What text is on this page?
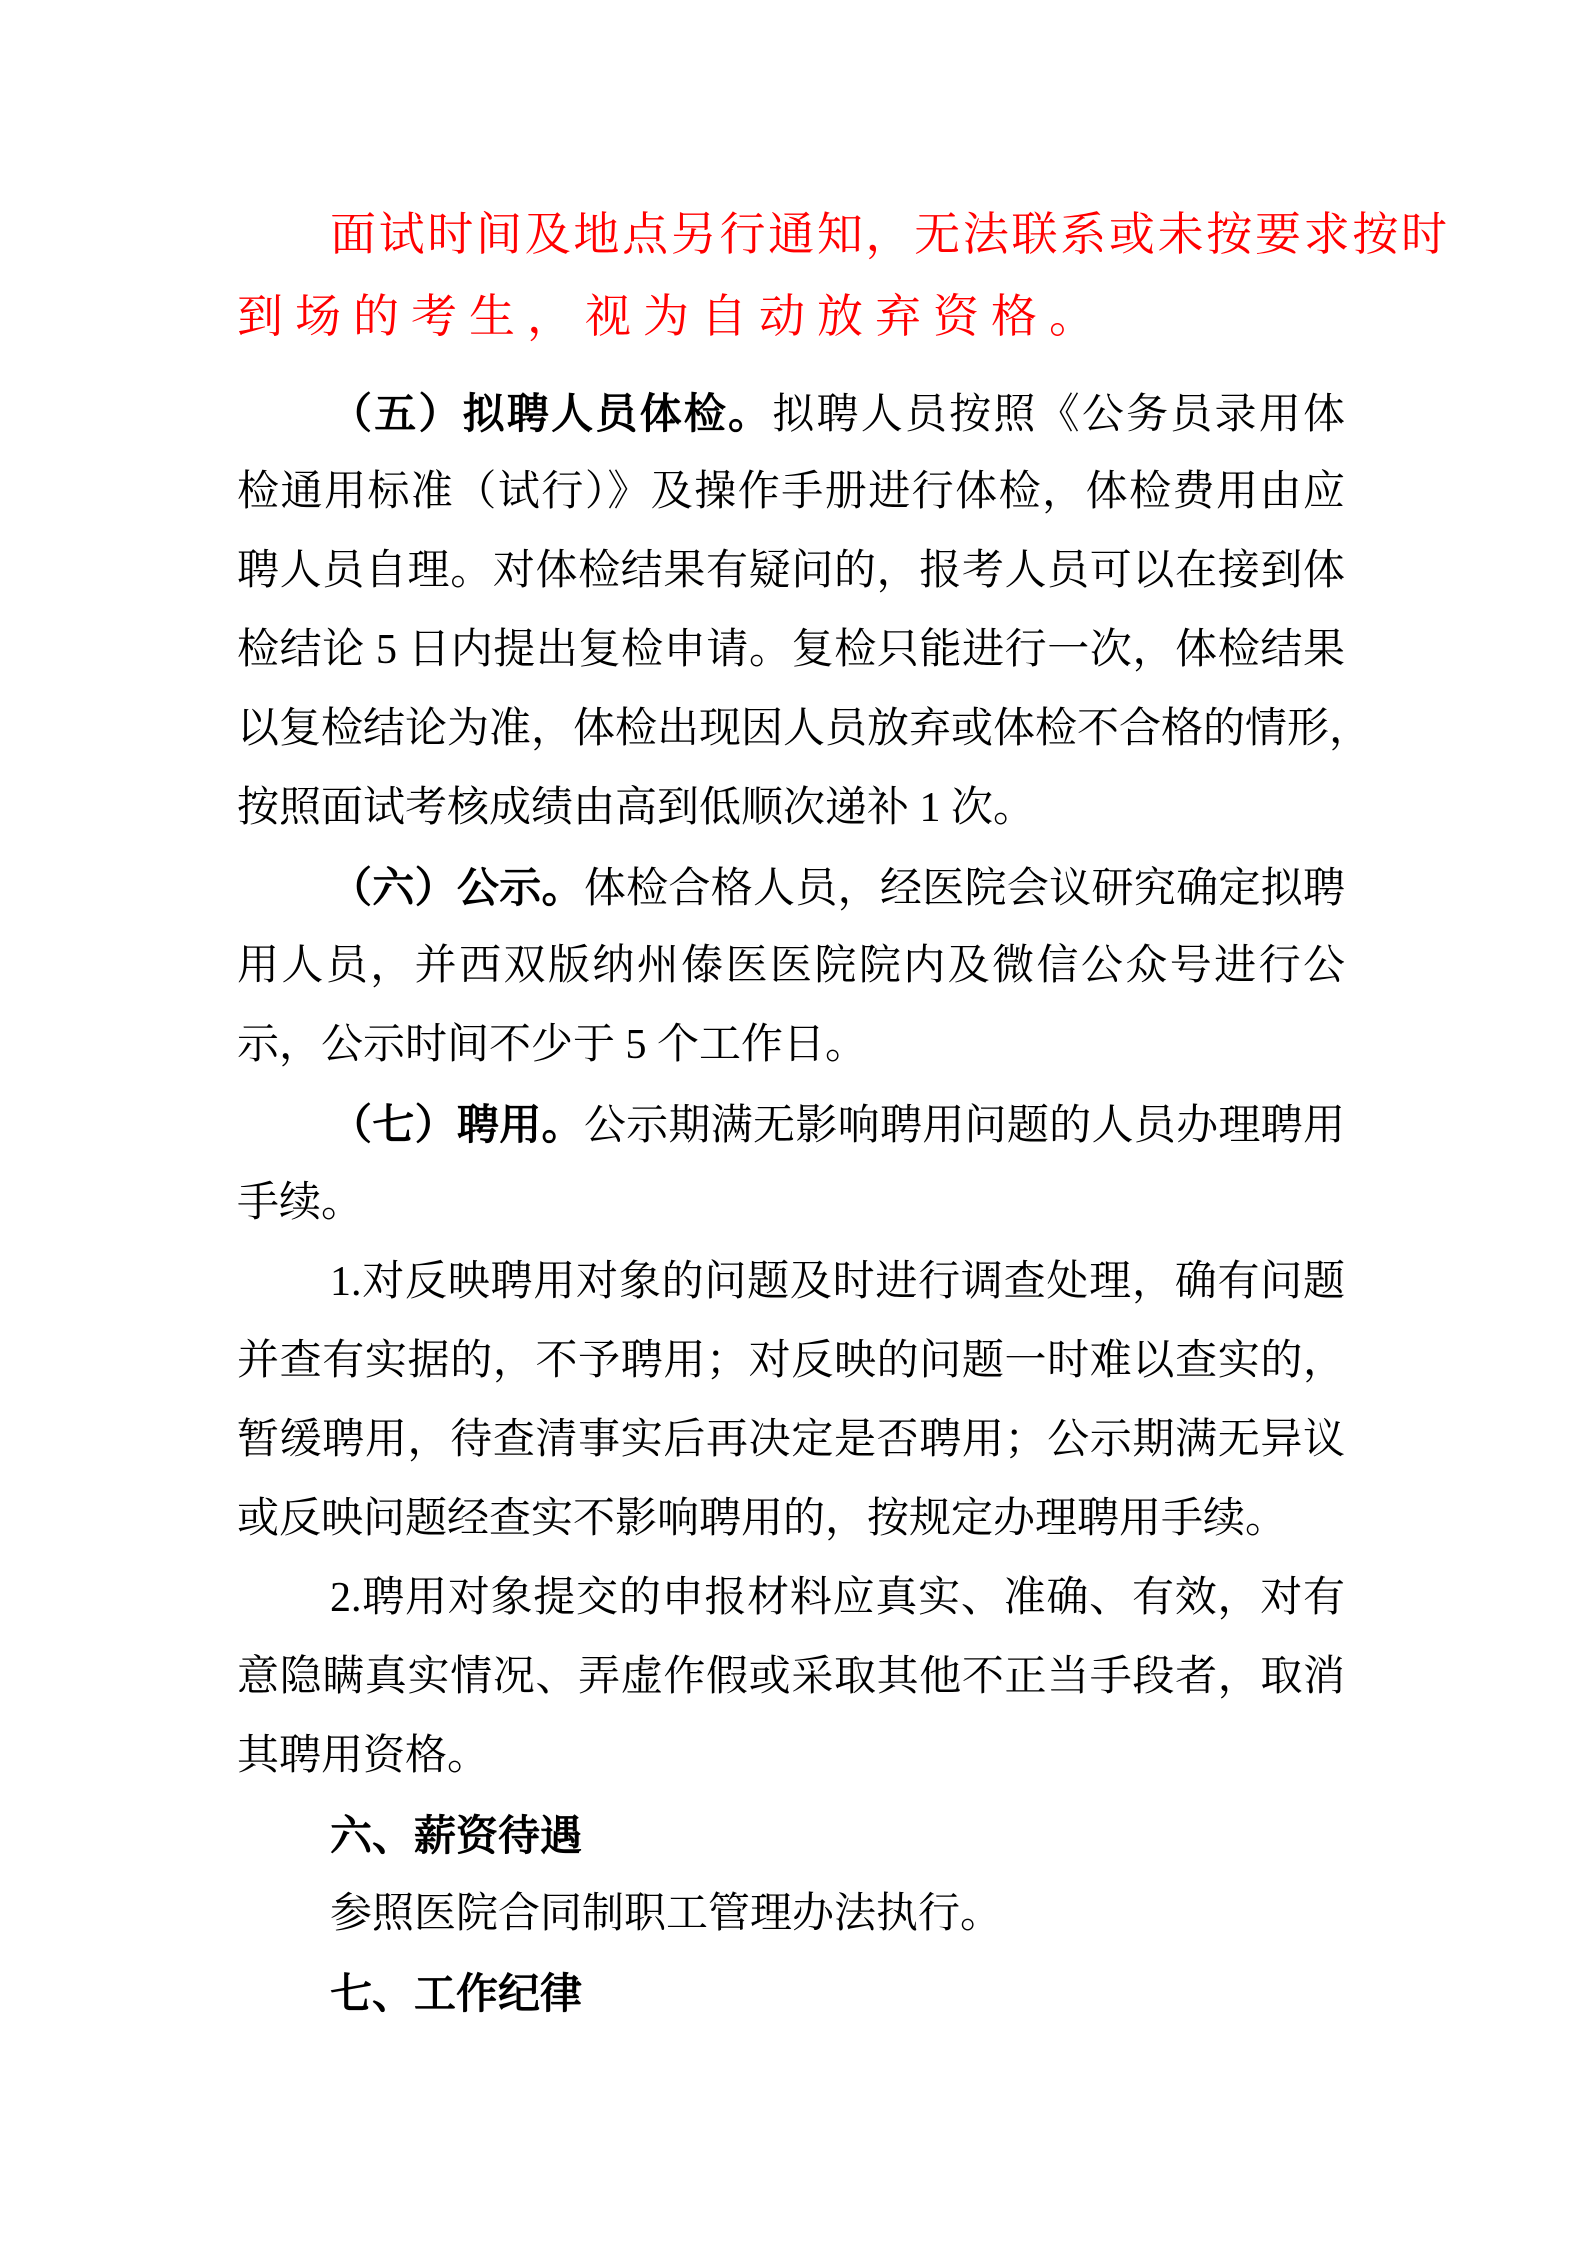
面试时间及地点另行通知，无法联系或未按要求按时
到场的考生，视为自动放弃资格。
（五）拟聘人员体检。拟聘人员按照《公务员录用体
检通用标准（试行）》及操作手册进行体检，体检费用由应
聘人员自理。对体检结果有疑问的，报考人员可以在接到体
检结论 5 日内提出复检申请。复检只能进行一次，体检结果
以复检结论为准，体检出现因人员放弃或体检不合格的情形，
按照面试考核成绩由高到低顺次递补 1 次。
（六）公示。体检合格人员，经医院会议研究确定拟聘
用人员，并西双版纳州傣医医院院内及微信公众号进行公
示，公示时间不少于 5 个工作日。
（七）聘用。公示期满无影响聘用问题的人员办理聘用
手续。
1.对反映聘用对象的问题及时进行调查处理，确有问题
并查有实据的，不予聘用；对反映的问题一时难以查实的，
暂缓聘用，待查清事实后再决定是否聘用；公示期满无异议
或反映问题经查实不影响聘用的，按规定办理聘用手续。
2.聘用对象提交的申报材料应真实、准确、有效，对有
意隐瞒真实情况、弄虚作假或采取其他不正当手段者，取消
其聘用资格。
六、薪资待遇
参照医院合同制职工管理办法执行。
七、工作纪律
